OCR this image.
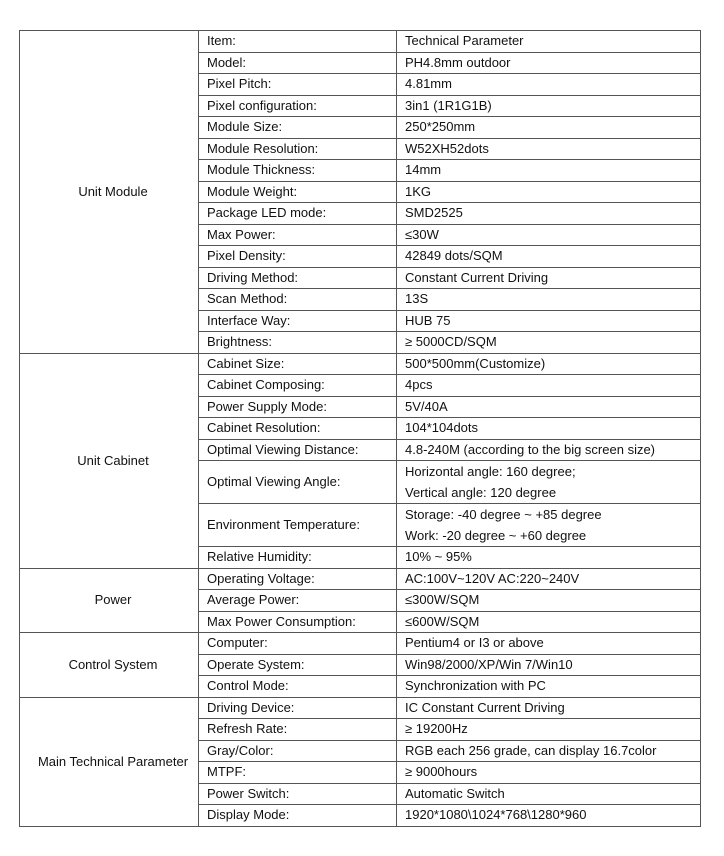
Unit Module	Item:	Technical Parameter
	Model:	PH4.8mm outdoor
	Pixel Pitch:	4.81mm
	Pixel configuration:	3in1 (1R1G1B)
	Module Size:	250*250mm
	Module Resolution:	W52XH52dots
	Module Thickness:	14mm
	Module Weight:	1KG
	Package LED mode:	SMD2525
	Max Power:	≤30W
	Pixel Density:	42849 dots/SQM
	Driving Method:	Constant Current Driving
	Scan Method:	13S
	Interface Way:	HUB 75
	Brightness:	≥ 5000CD/SQM
Unit Cabinet	Cabinet Size:	500*500mm(Customize)
	Cabinet Composing:	4pcs
	Power Supply Mode:	5V/40A
	Cabinet Resolution:	104*104dots
	Optimal Viewing Distance:	4.8-240M (according to the big screen size)
	Optimal Viewing Angle:	Horizontal angle: 160 degree;
Vertical angle: 120 degree

	Environment Temperature:	Storage: -40 degree ~ +85 degree
Work: -20 degree ~ +60 degree

	Relative Humidity:	10% ~ 95%
Power	Operating Voltage:	AC:100V~120V AC:220~240V
	Average Power:	≤300W/SQM
	Max Power Consumption:	≤600W/SQM
Control System	Computer:	Pentium4 or I3 or above
	Operate System:	Win98/2000/XP/Win 7/Win10
	Control Mode:	Synchronization with PC
Main Technical Parameter	Driving Device:	IC Constant Current Driving
	Refresh Rate:	≥ 19200Hz
	Gray/Color:	RGB each 256 grade, can display 16.7color
	MTPF:	≥ 9000hours
	Power Switch:	Automatic Switch
	Display Mode:	1920*1080\1024*768\1280*960
